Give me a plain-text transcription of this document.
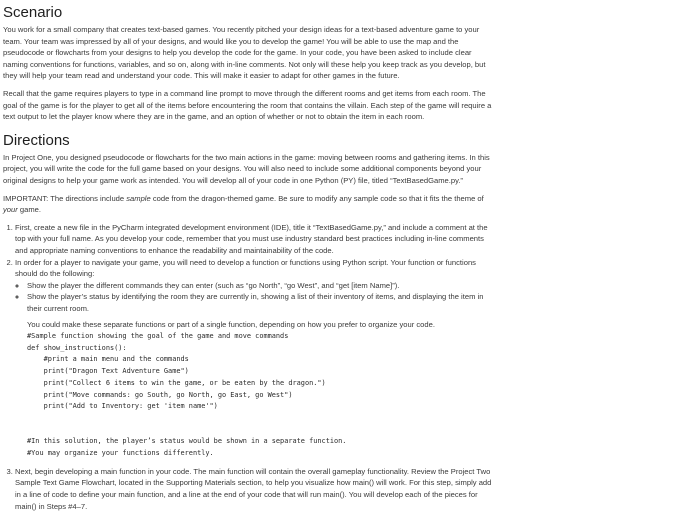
Scenario

You work for a small company that creates text-based games. You recently pitched your design ideas for a text-based adventure game to your team. Your team was impressed by all of your designs, and would like you to develop the game! You will be able to use the map and the pseudocode or flowcharts from your designs to help you develop the code for the game. In your code, you have been asked to include clear naming conventions for functions, variables, and so on, along with in-line comments. Not only will these help you keep track as you develop, but they will help your team read and understand your code. This will make it easier to adapt for other games in the future.

Recall that the game requires players to type in a command line prompt to move through the different rooms and get items from each room. The goal of the game is for the player to get all of the items before encountering the room that contains the villain. Each step of the game will require a text output to let the player know where they are in the game, and an option of whether or not to obtain the item in each room.

Directions

In Project One, you designed pseudocode or flowcharts for the two main actions in the game: moving between rooms and gathering items. In this project, you will write the code for the full game based on your designs. You will also need to include some additional components beyond your original designs to help your game work as intended. You will develop all of your code in one Python (PY) file, titled “TextBasedGame.py.”

IMPORTANT: The directions include sample code from the dragon-themed game. Be sure to modify any sample code so that it fits the theme of your game.

1. First, create a new file in the PyCharm integrated development environment (IDE), title it “TextBasedGame.py,” and include a comment at the top with your full name. As you develop your code, remember that you must use industry standard best practices including in-line comments and appropriate naming conventions to enhance the readability and maintainability of the code.
2. In order for a player to navigate your game, you will need to develop a function or functions using Python script. Your function or functions should do the following:
◦ Show the player the different commands they can enter (such as “go North”, “go West”, and “get [item Name]”).
◦ Show the player’s status by identifying the room they are currently in, showing a list of their inventory of items, and displaying the item in their current room.

You could make these separate functions or part of a single function, depending on how you prefer to organize your code.

#Sample function showing the goal of the game and move commands
def show_instructions():
#print a main menu and the commands
print("Dragon Text Adventure Game")
print("Collect 6 items to win the game, or be eaten by the dragon.")
print("Move commands: go South, go North, go East, go West")
print("Add to Inventory: get 'item name'")

#In this solution, the player’s status would be shown in a separate function.
#You may organize your functions differently.
3. Next, begin developing a main function in your code. The main function will contain the overall gameplay functionality. Review the Project Two Sample Text Game Flowchart, located in the Supporting Materials section, to help you visualize how main() will work. For this step, simply add in a line of code to define your main function, and a line at the end of your code that will run main(). You will develop each of the pieces for main() in Steps #4–7.
